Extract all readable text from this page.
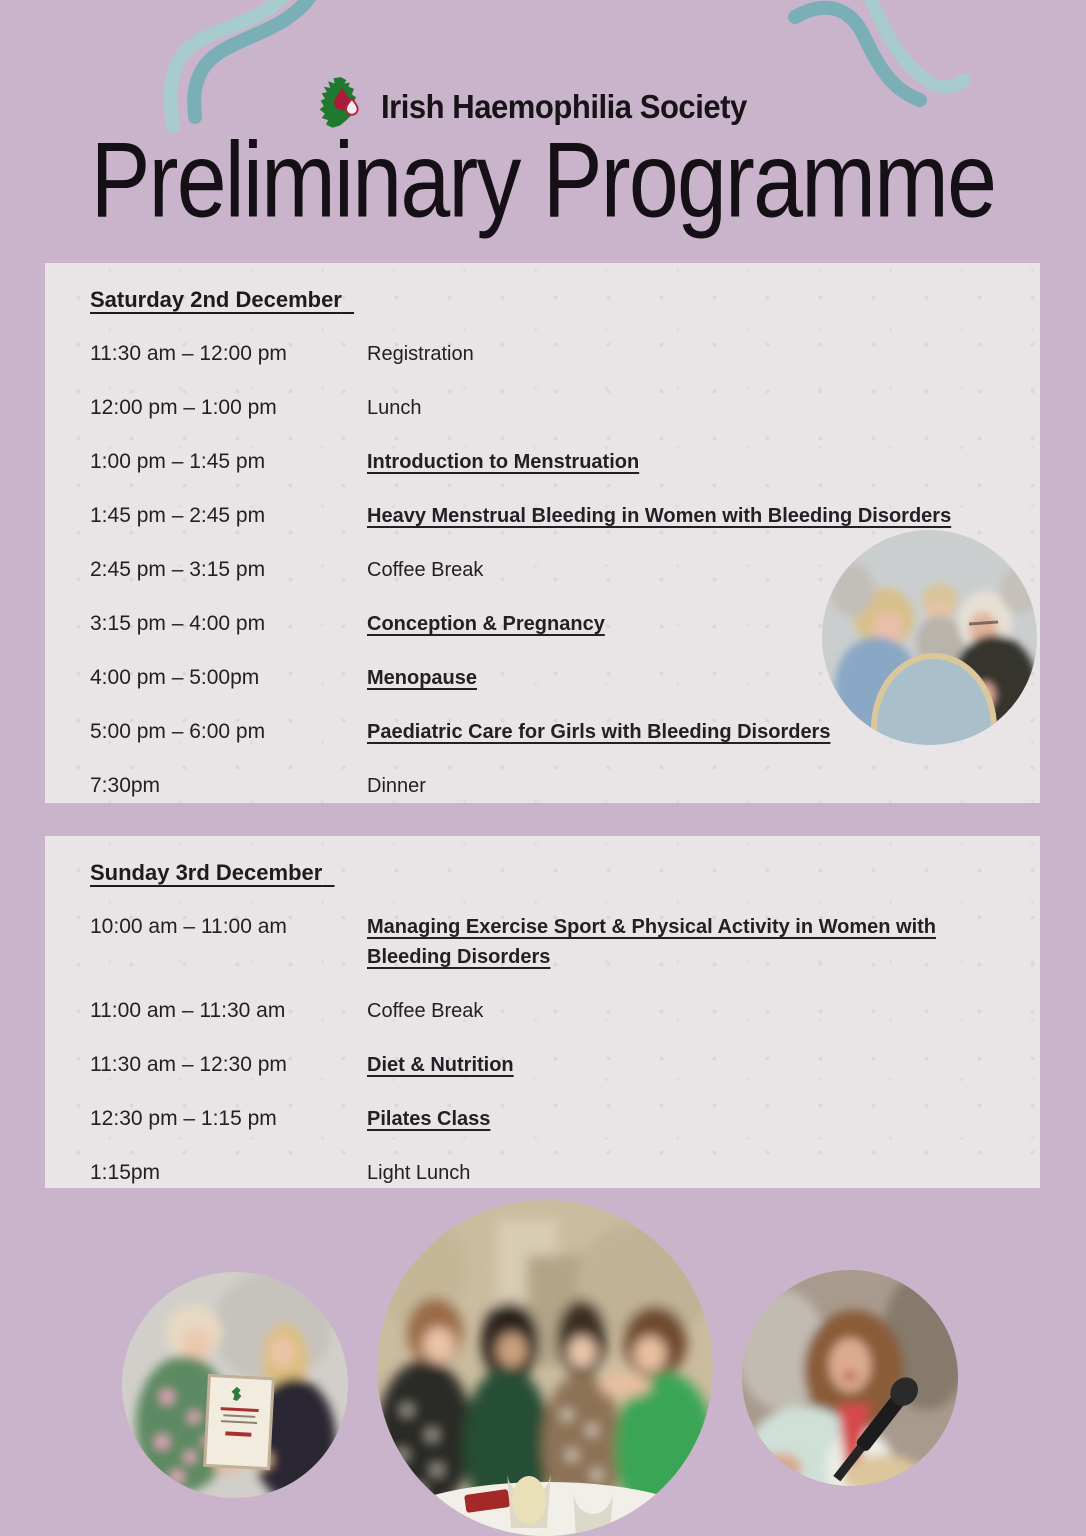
Irish Haemophilia Society
Preliminary Programme
Saturday 2nd December
11:30 am – 12:00 pm	Registration
12:00 pm – 1:00 pm	Lunch
1:00 pm – 1:45 pm	Introduction to Menstruation
1:45 pm – 2:45 pm	Heavy Menstrual Bleeding in Women with Bleeding Disorders
2:45 pm – 3:15 pm	Coffee Break
3:15 pm – 4:00 pm	Conception & Pregnancy
4:00 pm – 5:00pm	Menopause
5:00 pm – 6:00 pm	Paediatric Care for Girls with Bleeding Disorders
7:30pm	Dinner
Sunday 3rd December
10:00 am – 11:00 am	Managing Exercise Sport & Physical Activity in Women with Bleeding Disorders
11:00 am – 11:30 am	Coffee Break
11:30 am – 12:30 pm	Diet & Nutrition
12:30 pm – 1:15 pm	Pilates Class
1:15pm	Light Lunch
